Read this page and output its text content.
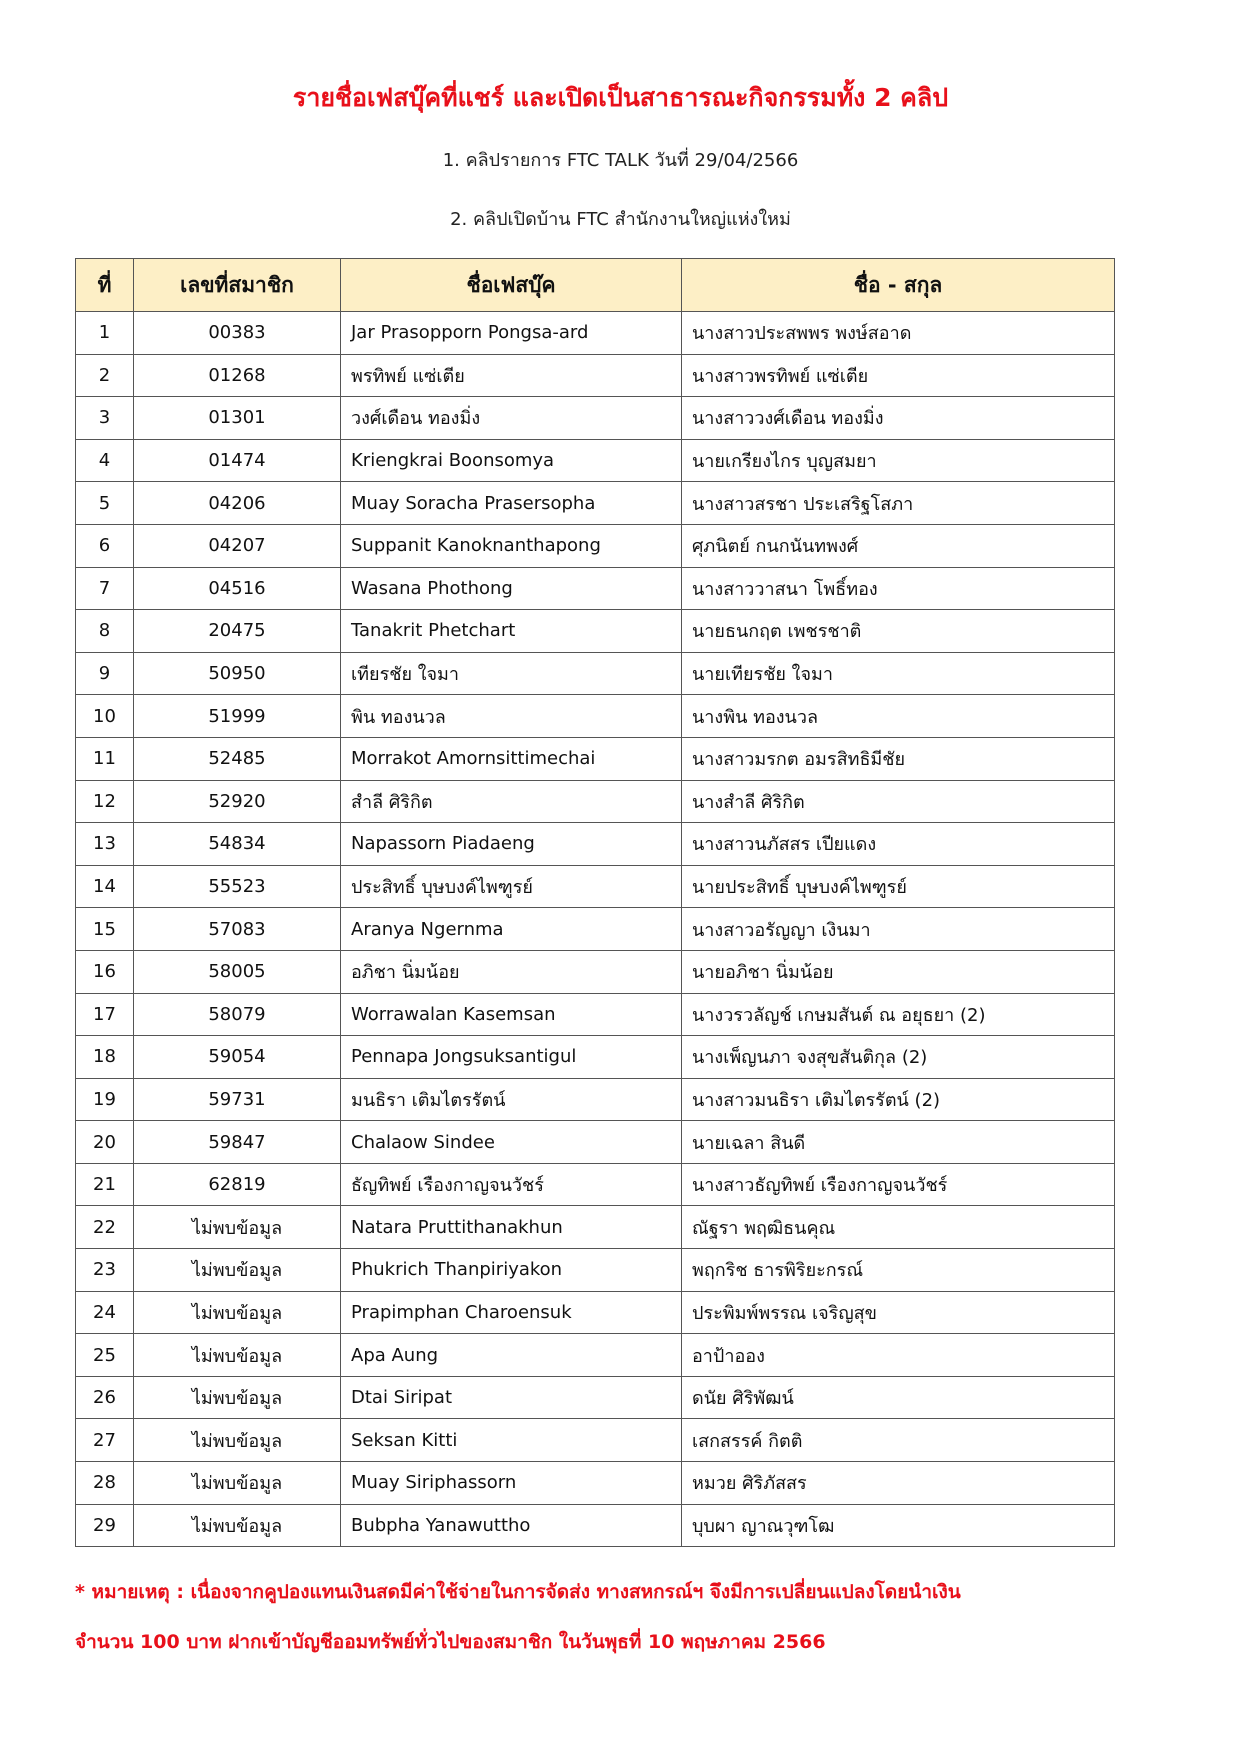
รายชื่อเฟสบุ๊คที่แชร์ และเปิดเป็นสาธารณะกิจกรรมทั้ง 2 คลิป
1. คลิปรายการ FTC TALK วันที่ 29/04/2566
2. คลิปเปิดบ้าน FTC สำนักงานใหญ่แห่งใหม่
ที่	เลขที่สมาชิก	ชื่อเฟสบุ๊ค	ชื่อ - สกุล
1	00383	Jar Prasopporn Pongsa-ard	นางสาวประสพพร พงษ์สอาด
2	01268	พรทิพย์ แซ่เตีย	นางสาวพรทิพย์ แซ่เตีย
3	01301	วงศ์เดือน ทองมิ่ง	นางสาววงศ์เดือน ทองมิ่ง
4	01474	Kriengkrai Boonsomya	นายเกรียงไกร บุญสมยา
5	04206	Muay Soracha Prasersopha	นางสาวสรชา ประเสริฐโสภา
6	04207	Suppanit Kanoknanthapong	ศุภนิตย์ กนกนันทพงศ์
7	04516	Wasana Phothong	นางสาววาสนา โพธิ์ทอง
8	20475	Tanakrit Phetchart	นายธนกฤต เพชรชาติ
9	50950	เทียรชัย ใจมา	นายเทียรชัย ใจมา
10	51999	พิน ทองนวล	นางพิน ทองนวล
11	52485	Morrakot Amornsittimechai	นางสาวมรกต อมรสิทธิมีชัย
12	52920	สำลี ศิริกิต	นางสำลี ศิริกิต
13	54834	Napassorn Piadaeng	นางสาวนภัสสร เปียแดง
14	55523	ประสิทธิ์ บุษบงค์ไพฑูรย์	นายประสิทธิ์ บุษบงค์ไพฑูรย์
15	57083	Aranya Ngernma	นางสาวอรัญญา เงินมา
16	58005	อภิชา นิ่มน้อย	นายอภิชา นิ่มน้อย
17	58079	Worrawalan Kasemsan	นางวรวลัญช์ เกษมสันต์ ณ อยุธยา (2)
18	59054	Pennapa Jongsuksantigul	นางเพ็ญนภา จงสุขสันติกุล (2)
19	59731	มนธิรา เติมไตรรัตน์	นางสาวมนธิรา เติมไตรรัตน์ (2)
20	59847	Chalaow Sindee	นายเฉลา สินดี
21	62819	ธัญทิพย์ เรืองกาญจนวัชร์	นางสาวธัญทิพย์ เรืองกาญจนวัชร์
22	ไม่พบข้อมูล	Natara Pruttithanakhun	ณัฐรา พฤฒิธนคุณ
23	ไม่พบข้อมูล	Phukrich Thanpiriyakon	พฤกริช ธารพิริยะกรณ์
24	ไม่พบข้อมูล	Prapimphan Charoensuk	ประพิมพ์พรรณ เจริญสุข
25	ไม่พบข้อมูล	Apa Aung	อาป้าออง
26	ไม่พบข้อมูล	Dtai Siripat	ดนัย ศิริพัฒน์
27	ไม่พบข้อมูล	Seksan Kitti	เสกสรรค์ กิตติ
28	ไม่พบข้อมูล	Muay Siriphassorn	หมวย ศิริภัสสร
29	ไม่พบข้อมูล	Bubpha Yanawuttho	บุบผา ญาณวุฑโฒ
* หมายเหตุ : เนื่องจากคูปองแทนเงินสดมีค่าใช้จ่ายในการจัดส่ง ทางสหกรณ์ฯ จึงมีการเปลี่ยนแปลงโดยนำเงิน
จำนวน 100 บาท ฝากเข้าบัญชีออมทรัพย์ทั่วไปของสมาชิก ในวันพุธที่ 10 พฤษภาคม 2566
